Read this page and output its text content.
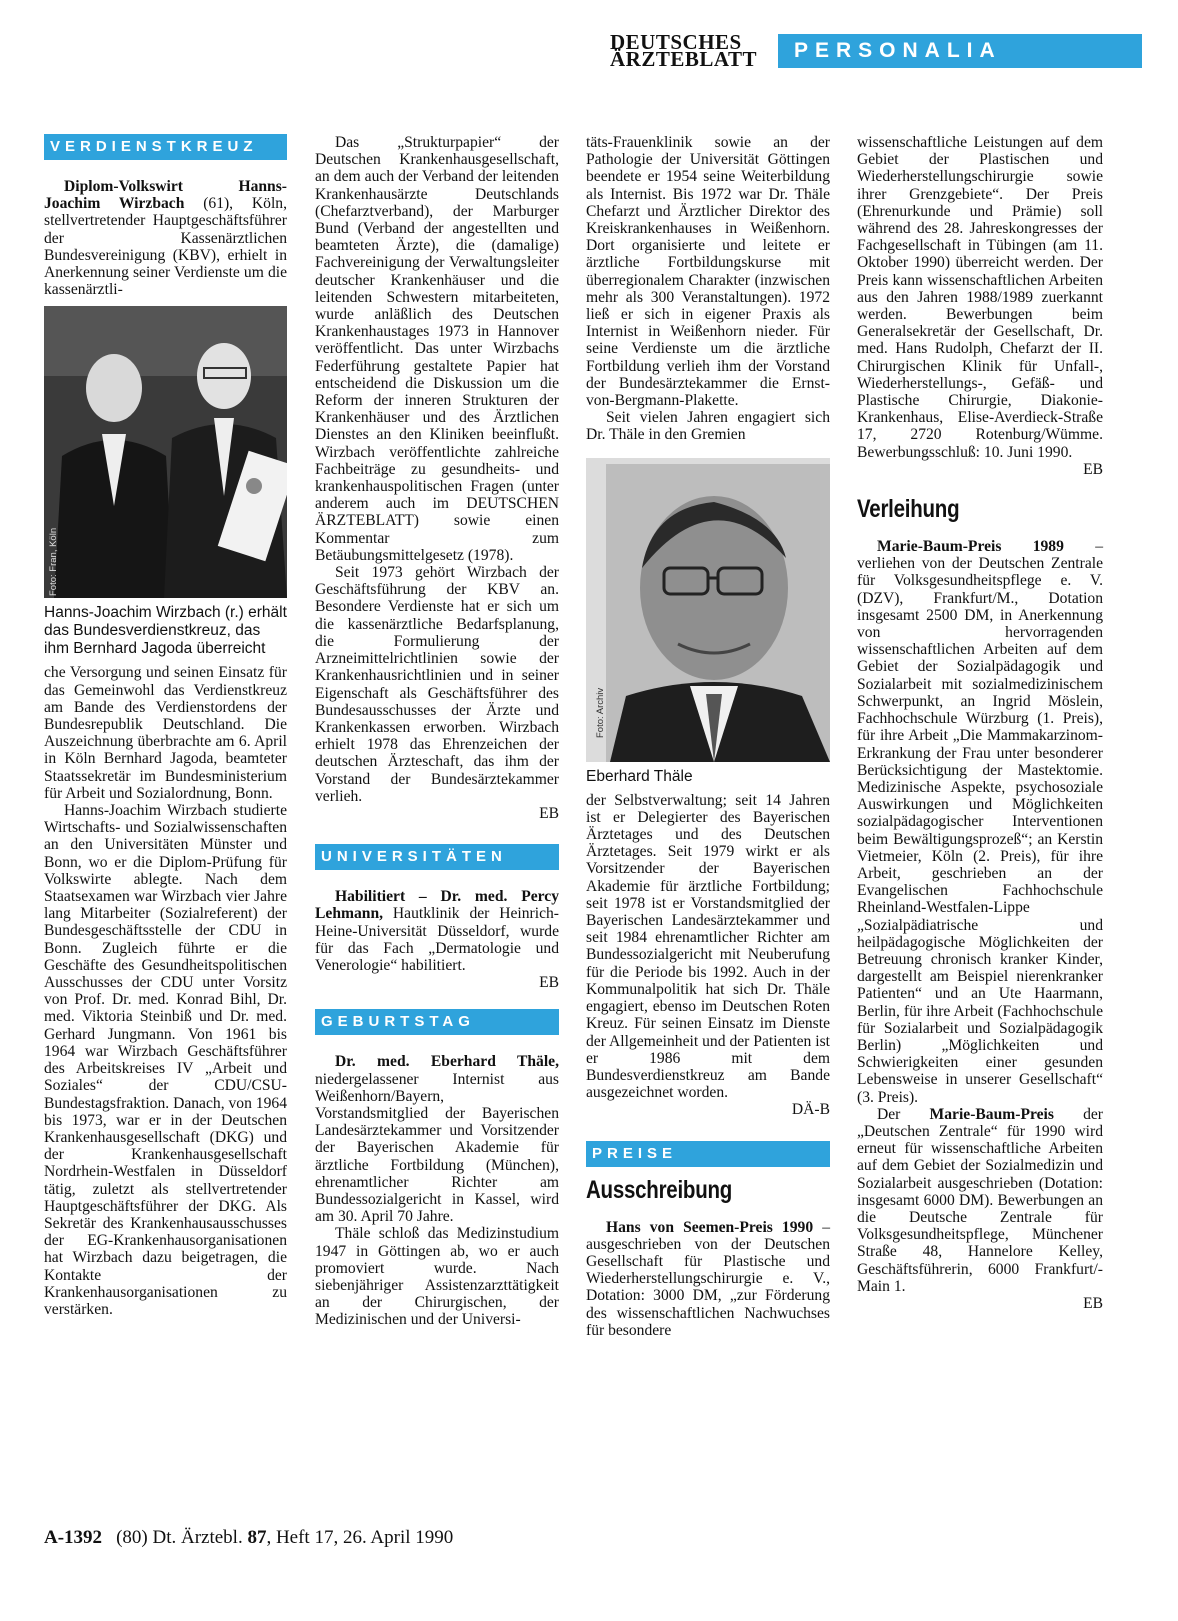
DEUTSCHES
ÄRZTEBLATT	PERSONALIA
VERDIENSTKREUZ

Diplom-Volkswirt Hanns-Joachim Wirzbach (61), Köln, stellvertretender Hauptgeschäftsführer der Kassenärztlichen Bundesvereinigung (KBV), erhielt in Anerkennung seiner Verdienste um die kassenärztli-

Foto: Fran, Köln
Hanns-Joachim Wirzbach (r.) erhält das Bundesverdienstkreuz, das ihm Bernhard Jagoda überreicht

che Versorgung und seinen Einsatz für das Gemeinwohl das Verdienstkreuz am Bande des Verdienstordens der Bundesrepublik Deutschland. Die Auszeichnung überbrachte am 6. April in Köln Bernhard Jagoda, beamteter Staatssekretär im Bundesministerium für Arbeit und Sozialordnung, Bonn.

Hanns-Joachim Wirzbach studierte Wirtschafts- und Sozialwissenschaften an den Universitäten Münster und Bonn, wo er die Diplom-Prüfung für Volkswirte ablegte. Nach dem Staatsexamen war Wirzbach vier Jahre lang Mitarbeiter (Sozialreferent) der Bundesgeschäftsstelle der CDU in Bonn. Zugleich führte er die Geschäfte des Gesundheitspolitischen Ausschusses der CDU unter Vorsitz von Prof. Dr. med. Konrad Bihl, Dr. med. Viktoria Steinbiß und Dr. med. Gerhard Jungmann. Von 1961 bis 1964 war Wirzbach Geschäftsführer des Arbeitskreises IV „Arbeit und Soziales“ der CDU/CSU-Bundestagsfraktion. Danach, von 1964 bis 1973, war er in der Deutschen Krankenhausgesellschaft (DKG) und der Krankenhausgesellschaft Nordrhein-Westfalen in Düsseldorf tätig, zuletzt als stellvertretender Hauptgeschäftsführer der DKG. Als Sekretär des Krankenhausausschusses der EG-Krankenhausorganisationen hat Wirzbach dazu beigetragen, die Kontakte der Krankenhausorganisationen zu verstärken.

Das „Strukturpapier“ der Deutschen Krankenhausgesellschaft, an dem auch der Verband der leitenden Krankenhausärzte Deutschlands (Chefarztverband), der Marburger Bund (Verband der angestellten und beamteten Ärzte), die (damalige) Fachvereinigung der Verwaltungsleiter deutscher Krankenhäuser und die leitenden Schwestern mitarbeiteten, wurde anläßlich des Deutschen Krankenhaustages 1973 in Hannover veröffentlicht. Das unter Wirzbachs Federführung gestaltete Papier hat entscheidend die Diskussion um die Reform der inneren Strukturen der Krankenhäuser und des Ärztlichen Dienstes an den Kliniken beeinflußt. Wirzbach veröffentlichte zahlreiche Fachbeiträge zu gesundheits- und krankenhauspolitischen Fragen (unter anderem auch im DEUTSCHEN ÄRZTEBLATT) sowie einen Kommentar zum Betäubungsmittelgesetz (1978).

Seit 1973 gehört Wirzbach der Geschäftsführung der KBV an. Besondere Verdienste hat er sich um die kassenärztliche Bedarfsplanung, die Formulierung der Arzneimittelrichtlinien sowie der Krankenhausrichtlinien und in seiner Eigenschaft als Geschäftsführer des Bundesausschusses der Ärzte und Krankenkassen erworben. Wirzbach erhielt 1978 das Ehrenzeichen der deutschen Ärzteschaft, das ihm der Vorstand der Bundesärztekammer verlieh.

EB

UNIVERSITÄTEN

Habilitiert – Dr. med. Percy Lehmann, Hautklinik der Heinrich-Heine-Universität Düsseldorf, wurde für das Fach „Dermatologie und Venerologie“ habilitiert.

EB

GEBURTSTAG

Dr. med. Eberhard Thäle, niedergelassener Internist aus Weißenhorn/Bayern, Vorstandsmitglied der Bayerischen Landesärztekammer und Vorsitzender der Bayerischen Akademie für ärztliche Fortbildung (München), ehrenamtlicher Richter am Bundessozialgericht in Kassel, wird am 30. April 70 Jahre.

Thäle schloß das Medizinstudium 1947 in Göttingen ab, wo er auch promoviert wurde. Nach siebenjähriger Assistenzarzttätigkeit an der Chirurgischen, der Medizinischen und der Universi-

täts-Frauenklinik sowie an der Pathologie der Universität Göttingen beendete er 1954 seine Weiterbildung als Internist. Bis 1972 war Dr. Thäle Chefarzt und Ärztlicher Direktor des Kreiskrankenhauses in Weißenhorn. Dort organisierte und leitete er ärztliche Fortbildungskurse mit überregionalem Charakter (inzwischen mehr als 300 Veranstaltungen). 1972 ließ er sich in eigener Praxis als Internist in Weißenhorn nieder. Für seine Verdienste um die ärztliche Fortbildung verlieh ihm der Vorstand der Bundesärztekammer die Ernst-von-Bergmann-Plakette.

Seit vielen Jahren engagiert sich Dr. Thäle in den Gremien

Foto: Archiv
Eberhard Thäle

der Selbstverwaltung; seit 14 Jahren ist er Delegierter des Bayerischen Ärztetages und des Deutschen Ärztetages. Seit 1979 wirkt er als Vorsitzender der Bayerischen Akademie für ärztliche Fortbildung; seit 1978 ist er Vorstandsmitglied der Bayerischen Landesärztekammer und seit 1984 ehrenamtlicher Richter am Bundessozialgericht mit Neuberufung für die Periode bis 1992. Auch in der Kommunalpolitik hat sich Dr. Thäle engagiert, ebenso im Deutschen Roten Kreuz. Für seinen Einsatz im Dienste der Allgemeinheit und der Patienten ist er 1986 mit dem Bundesverdienstkreuz am Bande ausgezeichnet worden.

DÄ-B

PREISE
Ausschreibung

Hans von Seemen-Preis 1990 – ausgeschrieben von der Deutschen Gesellschaft für Plastische und Wiederherstellungschirurgie e. V., Dotation: 3000 DM, „zur Förderung des wissenschaftlichen Nachwuchses für besondere

wissenschaftliche Leistungen auf dem Gebiet der Plastischen und Wiederherstellungschirurgie sowie ihrer Grenzgebiete“. Der Preis (Ehrenurkunde und Prämie) soll während des 28. Jahreskongresses der Fachgesellschaft in Tübingen (am 11. Oktober 1990) überreicht werden. Der Preis kann wissenschaftlichen Arbeiten aus den Jahren 1988/1989 zuerkannt werden. Bewerbungen beim Generalsekretär der Gesellschaft, Dr. med. Hans Rudolph, Chefarzt der II. Chirurgischen Klinik für Unfall-, Wiederherstellungs-, Gefäß- und Plastische Chirurgie, Diakonie-Krankenhaus, Elise-Averdieck-Straße 17, 2720 Rotenburg/Wümme. Bewerbungsschluß: 10. Juni 1990.

EB

Verleihung

Marie-Baum-Preis 1989 – verliehen von der Deutschen Zentrale für Volksgesundheitspflege e. V. (DZV), Frankfurt/M., Dotation insgesamt 2500 DM, in Anerkennung von hervorragenden wissenschaftlichen Arbeiten auf dem Gebiet der Sozialpädagogik und Sozialarbeit mit sozialmedizinischem Schwerpunkt, an Ingrid Möslein, Fachhochschule Würzburg (1. Preis), für ihre Arbeit „Die Mammakarzinom-Erkrankung der Frau unter besonderer Berücksichtigung der Mastektomie. Medizinische Aspekte, psychosoziale Auswirkungen und Möglichkeiten sozialpädagogischer Interventionen beim Bewältigungsprozeß“; an Kerstin Vietmeier, Köln (2. Preis), für ihre Arbeit, geschrieben an der Evangelischen Fachhochschule Rheinland-Westfalen-Lippe „Sozialpädiatrische und heilpädagogische Möglichkeiten der Betreuung chronisch kranker Kinder, dargestellt am Beispiel nierenkranker Patienten“ und an Ute Haarmann, Berlin, für ihre Arbeit (Fachhochschule für Sozialarbeit und Sozialpädagogik Berlin) „Möglichkeiten und Schwierigkeiten einer gesunden Lebensweise in unserer Gesellschaft“ (3. Preis).

Der Marie-Baum-Preis der „Deutschen Zentrale“ für 1990 wird erneut für wissenschaftliche Arbeiten auf dem Gebiet der Sozialmedizin und Sozialarbeit ausgeschrieben (Dotation: insgesamt 6000 DM). Bewerbungen an die Deutsche Zentrale für Volksgesundheitspflege, Münchener Straße 48, Hannelore Kelley, Geschäftsführerin, 6000 Frankfurt/-Main 1.

EB

A-1392 (80) Dt. Ärztebl. 87, Heft 17, 26. April 1990
